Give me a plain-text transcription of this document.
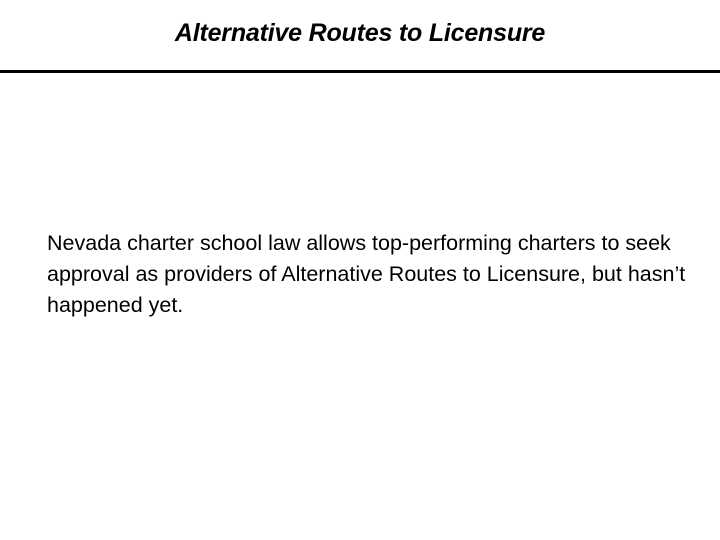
Alternative Routes to Licensure

Nevada charter school law allows top-performing charters to seek approval as providers of Alternative Routes to Licensure, but hasn’t happened yet.
